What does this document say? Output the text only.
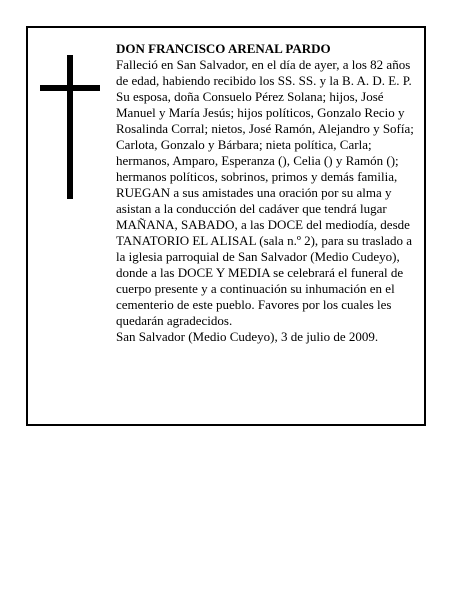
DON FRANCISCO ARENAL PARDO

Falleció en San Salvador, en el día de ayer, a los 82 años de edad, habiendo recibido los SS. SS. y la B. A. D. E. P.

Su esposa, doña Consuelo Pérez Solana; hijos, José Manuel y María Jesús; hijos políticos, Gonzalo Recio y Rosalinda Corral; nietos, José Ramón, Alejandro y Sofía; Carlota, Gonzalo y Bárbara; nieta política, Carla; hermanos, Amparo, Esperanza (), Celia () y Ramón (); hermanos políticos, sobrinos, primos y demás familia, RUEGAN a sus amistades una oración por su alma y asistan a la conducción del cadáver que tendrá lugar MAÑANA, SABADO, a las DOCE del mediodía, desde TANATORIO EL ALISAL (sala n.º 2), para su traslado a la iglesia parroquial de San Salvador (Medio Cudeyo), donde a las DOCE Y MEDIA se celebrará el funeral de cuerpo presente y a continuación su inhumación en el cementerio de este pueblo. Favores por los cuales les quedarán agradecidos.

San Salvador (Medio Cudeyo), 3 de julio de 2009.
